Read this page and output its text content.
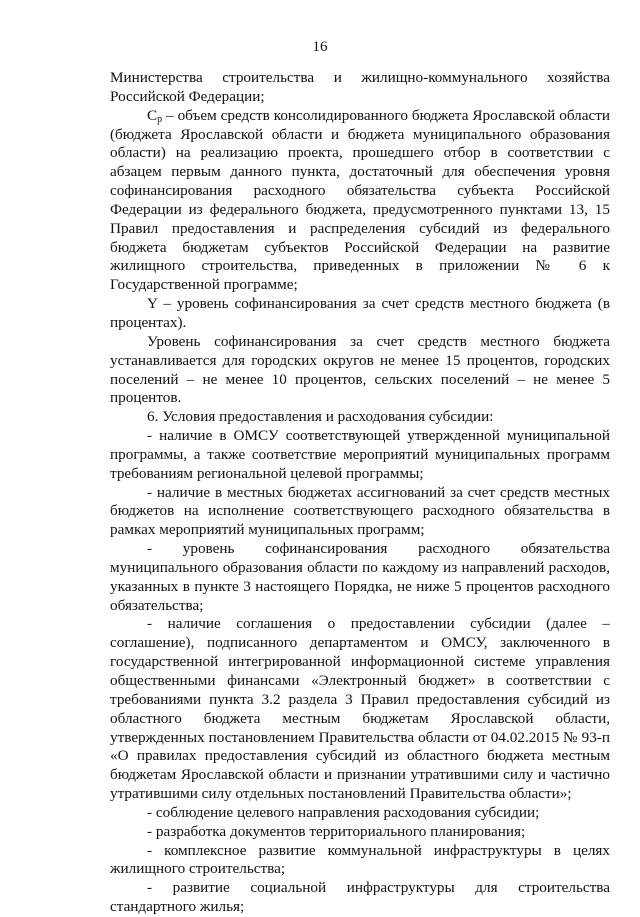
16

Министерства строительства и жилищно-коммунального хозяйства Российской Федерации;

$С_р$ – объем средств консолидированного бюджета Ярославской области (бюджета Ярославской области и бюджета муниципального образования области) на реализацию проекта, прошедшего отбор в соответствии с абзацем первым данного пункта, достаточный для обеспечения уровня софинансирования расходного обязательства субъекта Российской Федерации из федерального бюджета, предусмотренного пунктами 13, 15 Правил предоставления и распределения субсидий из федерального бюджета бюджетам субъектов Российской Федерации на развитие жилищного строительства, приведенных в приложении № 6 к Государственной программе;

Y – уровень софинансирования за счет средств местного бюджета (в процентах).

Уровень софинансирования за счет средств местного бюджета устанавливается для городских округов не менее 15 процентов, городских поселений – не менее 10 процентов, сельских поселений – не менее 5 процентов.

6. Условия предоставления и расходования субсидии:

- наличие в ОМСУ соответствующей утвержденной муниципальной программы, а также соответствие мероприятий муниципальных программ требованиям региональной целевой программы;

- наличие в местных бюджетах ассигнований за счет средств местных бюджетов на исполнение соответствующего расходного обязательства в рамках мероприятий муниципальных программ;

- уровень софинансирования расходного обязательства муниципального образования области по каждому из направлений расходов, указанных в пункте 3 настоящего Порядка, не ниже 5 процентов расходного обязательства;

- наличие соглашения о предоставлении субсидии (далее – соглашение), подписанного департаментом и ОМСУ, заключенного в государственной интегрированной информационной системе управления общественными финансами «Электронный бюджет» в соответствии с требованиями пункта 3.2 раздела 3 Правил предоставления субсидий из областного бюджета местным бюджетам Ярославской области, утвержденных постановлением Правительства области от 04.02.2015 № 93-п «О правилах предоставления субсидий из областного бюджета местным бюджетам Ярославской области и признании утратившими силу и частично утратившими силу отдельных постановлений Правительства области»;

- соблюдение целевого направления расходования субсидии;

- разработка документов территориального планирования;

- комплексное развитие коммунальной инфраструктуры в целях жилищного строительства;

- развитие социальной инфраструктуры для строительства стандартного жилья;
